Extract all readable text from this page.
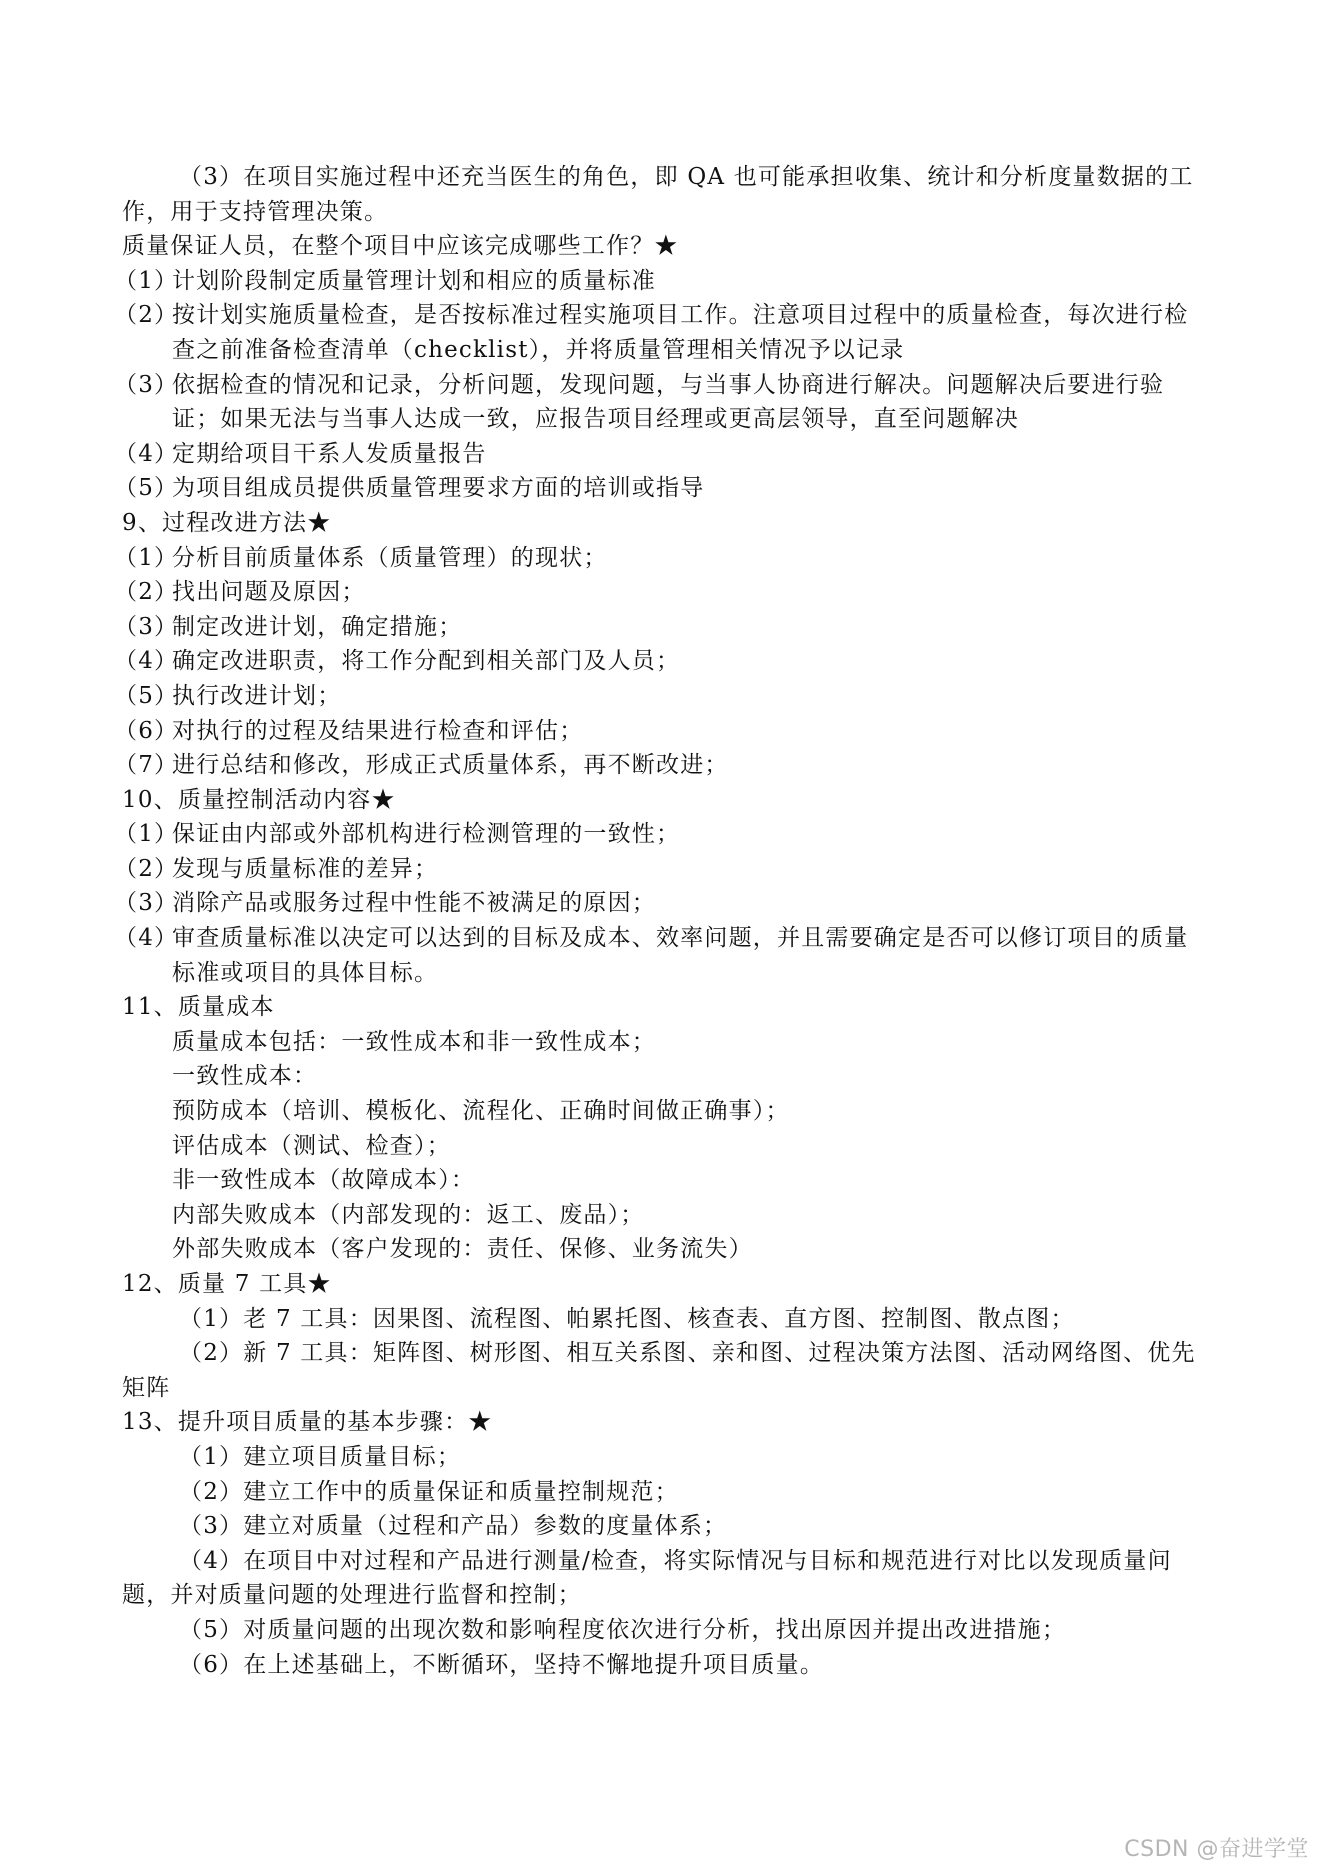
（3）在项目实施过程中还充当医生的角色，即 QA 也可能承担收集、统计和分析度量数据的工作，用于支持管理决策。

质量保证人员，在整个项目中应该完成哪些工作？★

（1）
计划阶段制定质量管理计划和相应的质量标准
（2）
按计划实施质量检查，是否按标准过程实施项目工作。注意项目过程中的质量检查，每次进行检查之前准备检查清单（checklist），并将质量管理相关情况予以记录
（3）
依据检查的情况和记录，分析问题，发现问题，与当事人协商进行解决。问题解决后要进行验证；如果无法与当事人达成一致，应报告项目经理或更高层领导，直至问题解决
（4）
定期给项目干系人发质量报告
（5）
为项目组成员提供质量管理要求方面的培训或指导

9、过程改进方法★

（1）
分析目前质量体系（质量管理）的现状；
（2）
找出问题及原因；
（3）
制定改进计划，确定措施；
（4）
确定改进职责，将工作分配到相关部门及人员；
（5）
执行改进计划；
（6）
对执行的过程及结果进行检查和评估；
（7）
进行总结和修改，形成正式质量体系，再不断改进；

10、质量控制活动内容★

（1）
保证由内部或外部机构进行检测管理的一致性；
（2）
发现与质量标准的差异；
（3）
消除产品或服务过程中性能不被满足的原因；
（4）
审查质量标准以决定可以达到的目标及成本、效率问题，并且需要确定是否可以修订项目的质量标准或项目的具体目标。

11、质量成本

质量成本包括：一致性成本和非一致性成本；

一致性成本：

预防成本（培训、模板化、流程化、正确时间做正确事）；

评估成本（测试、检查）；

非一致性成本（故障成本）：

内部失败成本（内部发现的：返工、废品）；

外部失败成本（客户发现的：责任、保修、业务流失）

12、质量 7 工具★

（1）老 7 工具：因果图、流程图、帕累托图、核查表、直方图、控制图、散点图；

（2）新 7 工具：矩阵图、树形图、相互关系图、亲和图、过程决策方法图、活动网络图、优先矩阵

13、提升项目质量的基本步骤：★

（1）建立项目质量目标；

（2）建立工作中的质量保证和质量控制规范；

（3）建立对质量（过程和产品）参数的度量体系；

（4）在项目中对过程和产品进行测量/检查，将实际情况与目标和规范进行对比以发现质量问题，并对质量问题的处理进行监督和控制；

（5）对质量问题的出现次数和影响程度依次进行分析，找出原因并提出改进措施；

（6）在上述基础上，不断循环，坚持不懈地提升项目质量。

CSDN @奋进学堂
